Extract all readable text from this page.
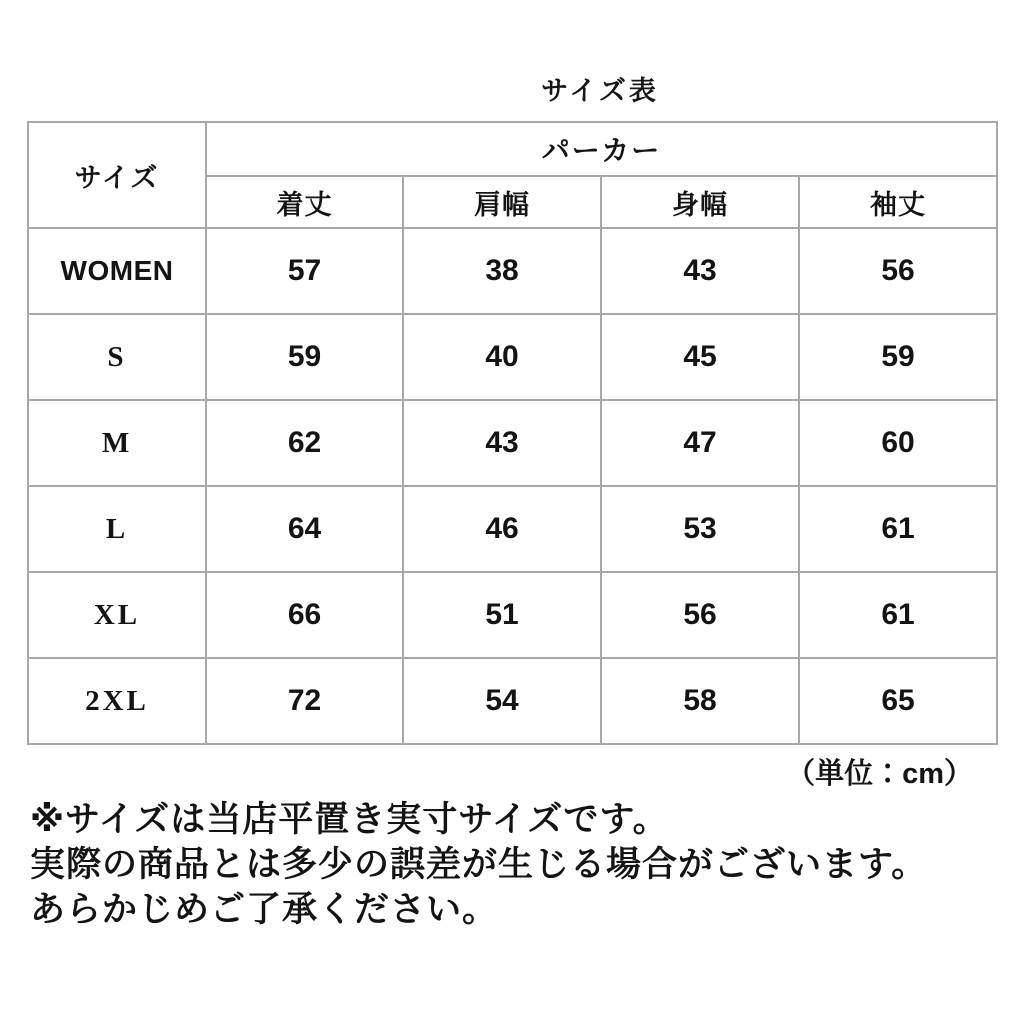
サイズ表
サイズ	パーカー			
	着丈	肩幅	身幅	袖丈
WOMEN	57	38	43	56
S	59	40	45	59
M	62	43	47	60
L	64	46	53	61
XL	66	51	56	61
2XL	72	54	58	65
（単位：cm）

※サイズは当店平置き実寸サイズです。

実際の商品とは多少の誤差が生じる場合がございます。

あらかじめご了承ください。
